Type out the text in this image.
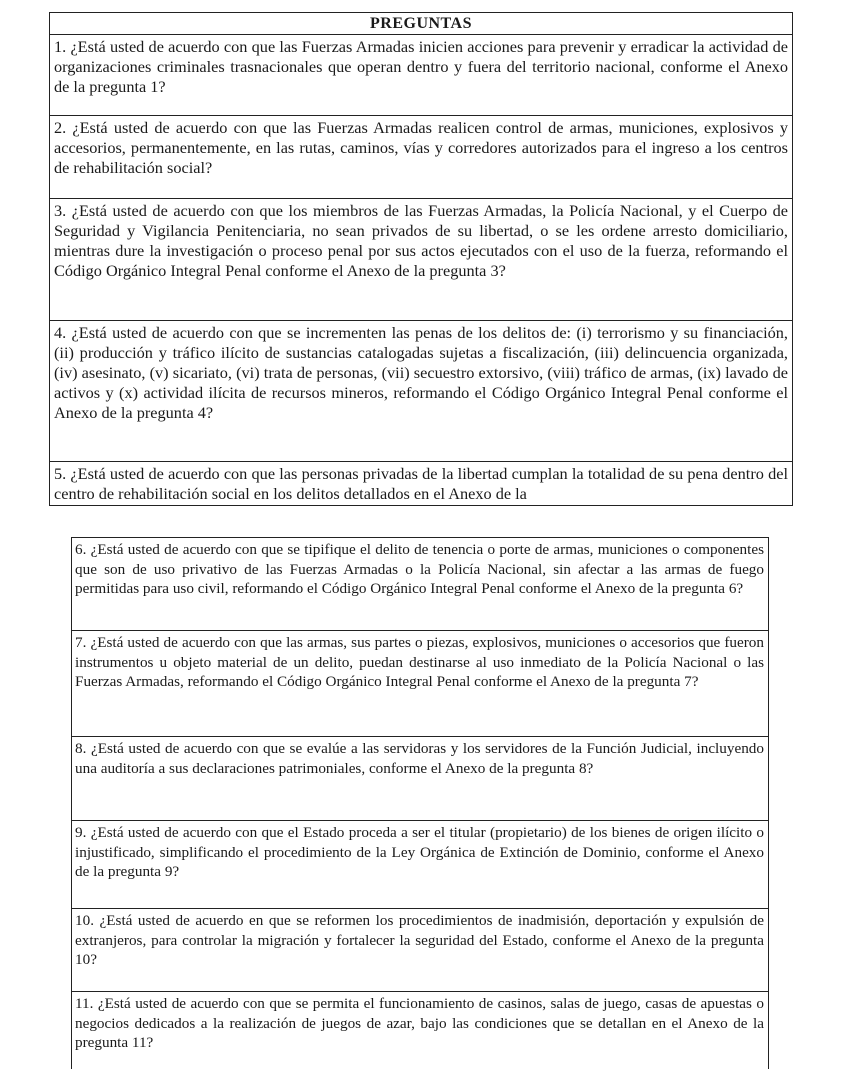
PREGUNTAS
1. ¿Está usted de acuerdo con que las Fuerzas Armadas inicien acciones para prevenir y erradicar la actividad de organizaciones criminales trasnacionales que operan dentro y fuera del territorio nacional, conforme el Anexo de la pregunta 1?
2. ¿Está usted de acuerdo con que las Fuerzas Armadas realicen control de armas, municiones, explosivos y accesorios, permanentemente, en las rutas, caminos, vías y corredores autorizados para el ingreso a los centros de rehabilitación social?
3. ¿Está usted de acuerdo con que los miembros de las Fuerzas Armadas, la Policía Nacional, y el Cuerpo de Seguridad y Vigilancia Penitenciaria, no sean privados de su libertad, o se les ordene arresto domiciliario, mientras dure la investigación o proceso penal por sus actos ejecutados con el uso de la fuerza, reformando el Código Orgánico Integral Penal conforme el Anexo de la pregunta 3?
4. ¿Está usted de acuerdo con que se incrementen las penas de los delitos de: (i) terrorismo y su financiación, (ii) producción y tráfico ilícito de sustancias catalogadas sujetas a fiscalización, (iii) delincuencia organizada, (iv) asesinato, (v) sicariato, (vi) trata de personas, (vii) secuestro extorsivo, (viii) tráfico de armas, (ix) lavado de activos y (x) actividad ilícita de recursos mineros, reformando el Código Orgánico Integral Penal conforme el Anexo de la pregunta 4?
5. ¿Está usted de acuerdo con que las personas privadas de la libertad cumplan la totalidad de su pena dentro del centro de rehabilitación social en los delitos detallados en el Anexo de la
6. ¿Está usted de acuerdo con que se tipifique el delito de tenencia o porte de armas, municiones o componentes que son de uso privativo de las Fuerzas Armadas o la Policía Nacional, sin afectar a las armas de fuego permitidas para uso civil, reformando el Código Orgánico Integral Penal conforme el Anexo de la pregunta 6?
7. ¿Está usted de acuerdo con que las armas, sus partes o piezas, explosivos, municiones o accesorios que fueron instrumentos u objeto material de un delito, puedan destinarse al uso inmediato de la Policía Nacional o las Fuerzas Armadas, reformando el Código Orgánico Integral Penal conforme el Anexo de la pregunta 7?
8. ¿Está usted de acuerdo con que se evalúe a las servidoras y los servidores de la Función Judicial, incluyendo una auditoría a sus declaraciones patrimoniales, conforme el Anexo de la pregunta 8?
9. ¿Está usted de acuerdo con que el Estado proceda a ser el titular (propietario) de los bienes de origen ilícito o injustificado, simplificando el procedimiento de la Ley Orgánica de Extinción de Dominio, conforme el Anexo de la pregunta 9?
10. ¿Está usted de acuerdo en que se reformen los procedimientos de inadmisión, deportación y expulsión de extranjeros, para controlar la migración y fortalecer la seguridad del Estado, conforme el Anexo de la pregunta 10?
11. ¿Está usted de acuerdo con que se permita el funcionamiento de casinos, salas de juego, casas de apuestas o negocios dedicados a la realización de juegos de azar, bajo las condiciones que se detallan en el Anexo de la pregunta 11?
